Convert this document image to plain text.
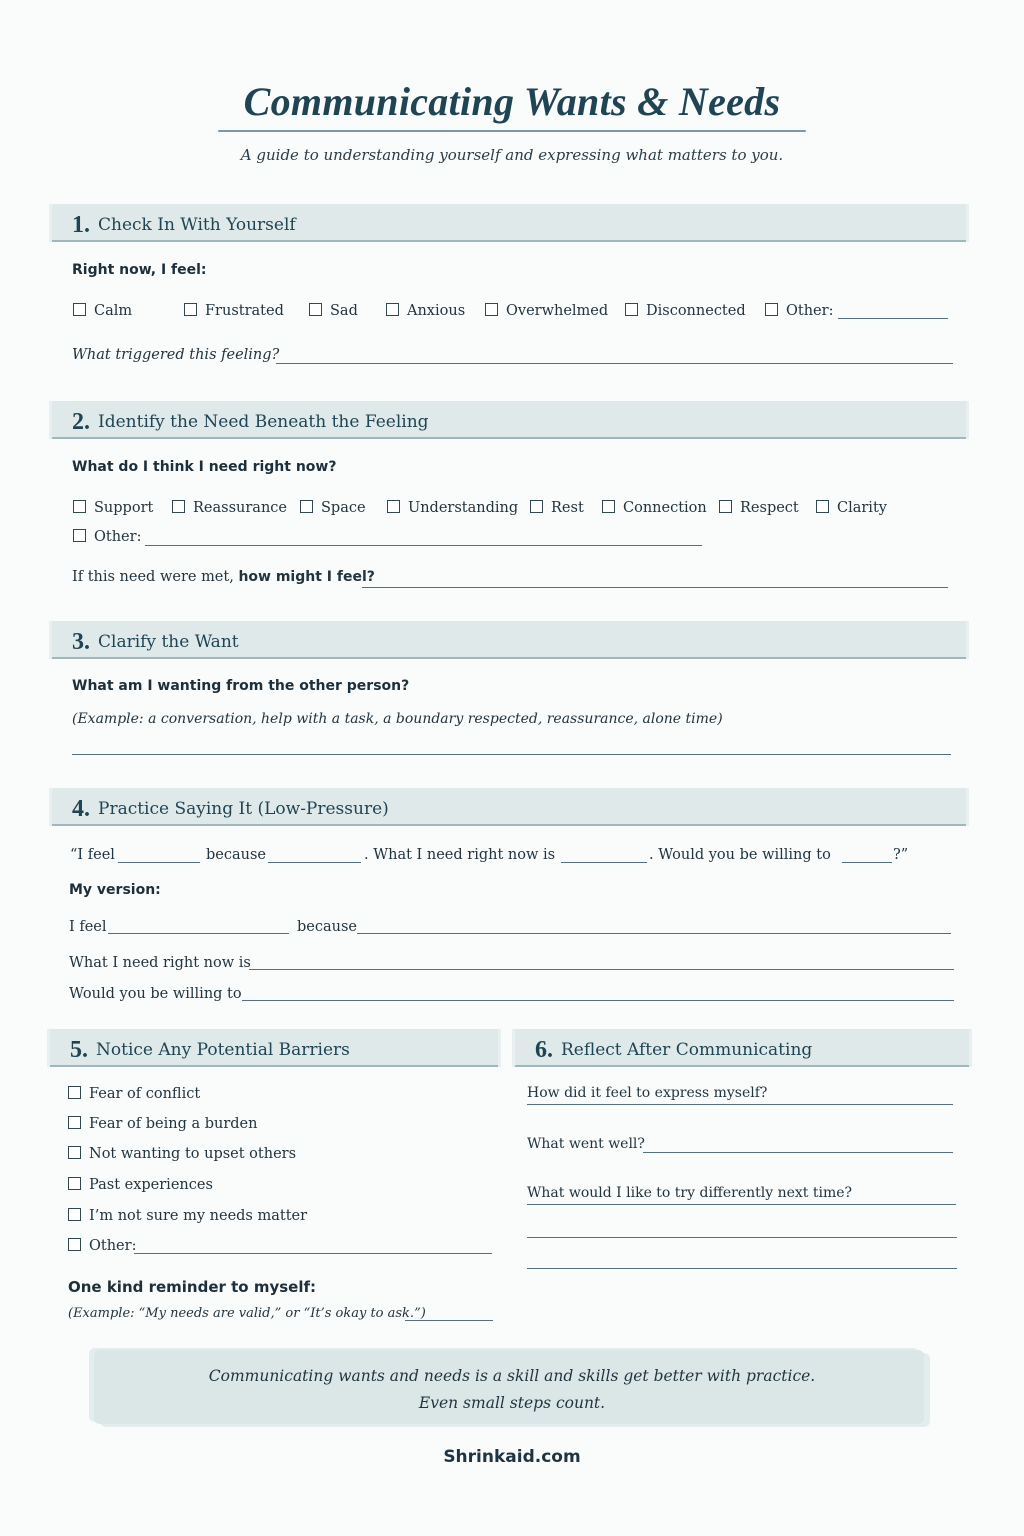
Communicating Wants & Needs
A guide to understanding yourself and expressing what matters to you.
1. Check In With Yourself
Right now, I feel:
Calm	Frustrated	Sad	Anxious	Overwhelmed	Disconnected	Other:
What triggered this feeling?
2. Identify the Need Beneath the Feeling
What do I think I need right now?
Support	Reassurance	Space	Understanding	Rest	Connection	Respect	Clarity
Other:
If this need were met, how might I feel?
3. Clarify the Want
What am I wanting from the other person?
(Example: a conversation, help with a task, a boundary respected, reassurance, alone time)
4. Practice Saying It (Low-Pressure)
“I feel	because	. What I need right now is	. Would you be willing to	?”
My version:
I feel	because
What I need right now is
Would you be willing to
5. Notice Any Potential Barriers
Fear of conflict
Fear of being a burden
Not wanting to upset others
Past experiences
I’m not sure my needs matter
Other:
One kind reminder to myself:
(Example: “My needs are valid,” or “It’s okay to ask.”)
6. Reflect After Communicating
How did it feel to express myself?
What went well?
What would I like to try differently next time?
Communicating wants and needs is a skill and skills get better with practice.
Even small steps count.
Shrinkaid.com
